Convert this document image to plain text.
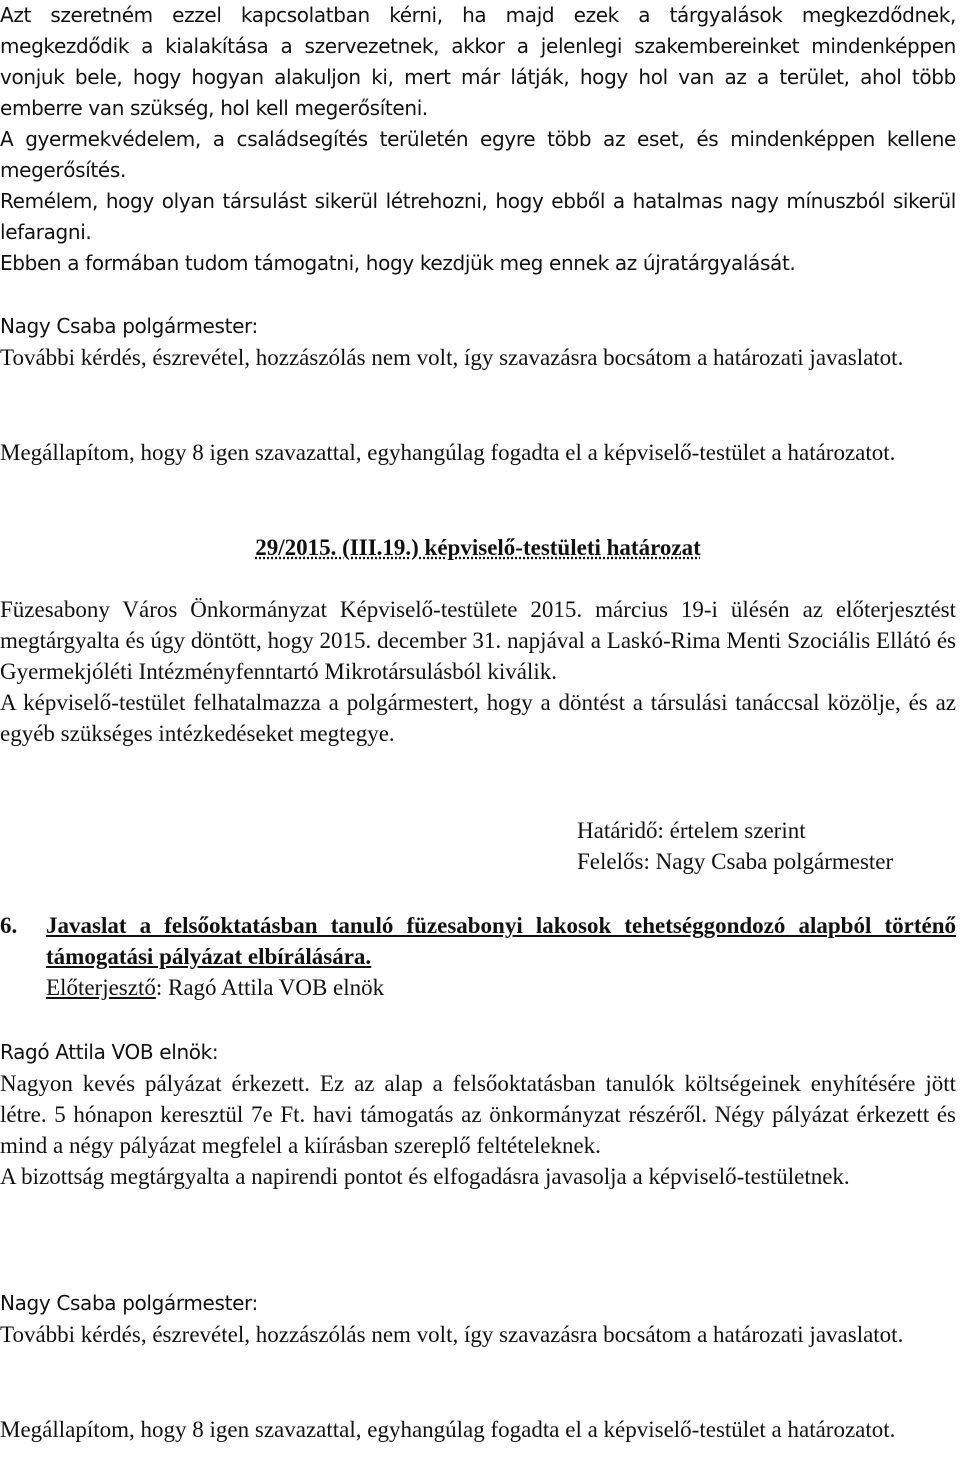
Azt szeretném ezzel kapcsolatban kérni, ha majd ezek a tárgyalások megkezdődnek, megkezdődik a kialakítása a szervezetnek, akkor a jelenlegi szakembereinket mindenképpen vonjuk bele, hogy hogyan alakuljon ki, mert már látják, hogy hol van az a terület, ahol több emberre van szükség, hol kell megerősíteni.

A gyermekvédelem, a családsegítés területén egyre több az eset, és mindenképpen kellene megerősítés.

Remélem, hogy olyan társulást sikerül létrehozni, hogy ebből a hatalmas nagy mínuszból sikerül lefaragni.

Ebben a formában tudom támogatni, hogy kezdjük meg ennek az újratárgyalását.

Nagy Csaba polgármester:

További kérdés, észrevétel, hozzászólás nem volt, így szavazásra bocsátom a határozati javaslatot.

Megállapítom, hogy 8 igen szavazattal, egyhangúlag fogadta el a képviselő-testület a határozatot.

29/2015. (III.19.) képviselő-testületi határozat

Füzesabony Város Önkormányzat Képviselő-testülete 2015. március 19-i ülésén az előterjesztést megtárgyalta és úgy döntött, hogy 2015. december 31. napjával a Laskó-Rima Menti Szociális Ellátó és Gyermekjóléti Intézményfenntartó Mikrotársulásból kiválik.

A képviselő-testület felhatalmazza a polgármestert, hogy a döntést a társulási tanáccsal közölje, és az egyéb szükséges intézkedéseket megtegye.

Határidő: értelem szerint

Felelős: Nagy Csaba polgármester

6. Javaslat a felsőoktatásban tanuló füzesabonyi lakosok tehetséggondozó alapból történő támogatási pályázat elbírálására.
Előterjesztő: Ragó Attila VOB elnök
Ragó Attila VOB elnök:

Nagyon kevés pályázat érkezett. Ez az alap a felsőoktatásban tanulók költségeinek enyhítésére jött létre. 5 hónapon keresztül 7e Ft. havi támogatás az önkormányzat részéről. Négy pályázat érkezett és mind a négy pályázat megfelel a kiírásban szereplő feltételeknek.

A bizottság megtárgyalta a napirendi pontot és elfogadásra javasolja a képviselő-testületnek.

Nagy Csaba polgármester:

További kérdés, észrevétel, hozzászólás nem volt, így szavazásra bocsátom a határozati javaslatot.

Megállapítom, hogy 8 igen szavazattal, egyhangúlag fogadta el a képviselő-testület a határozatot.
